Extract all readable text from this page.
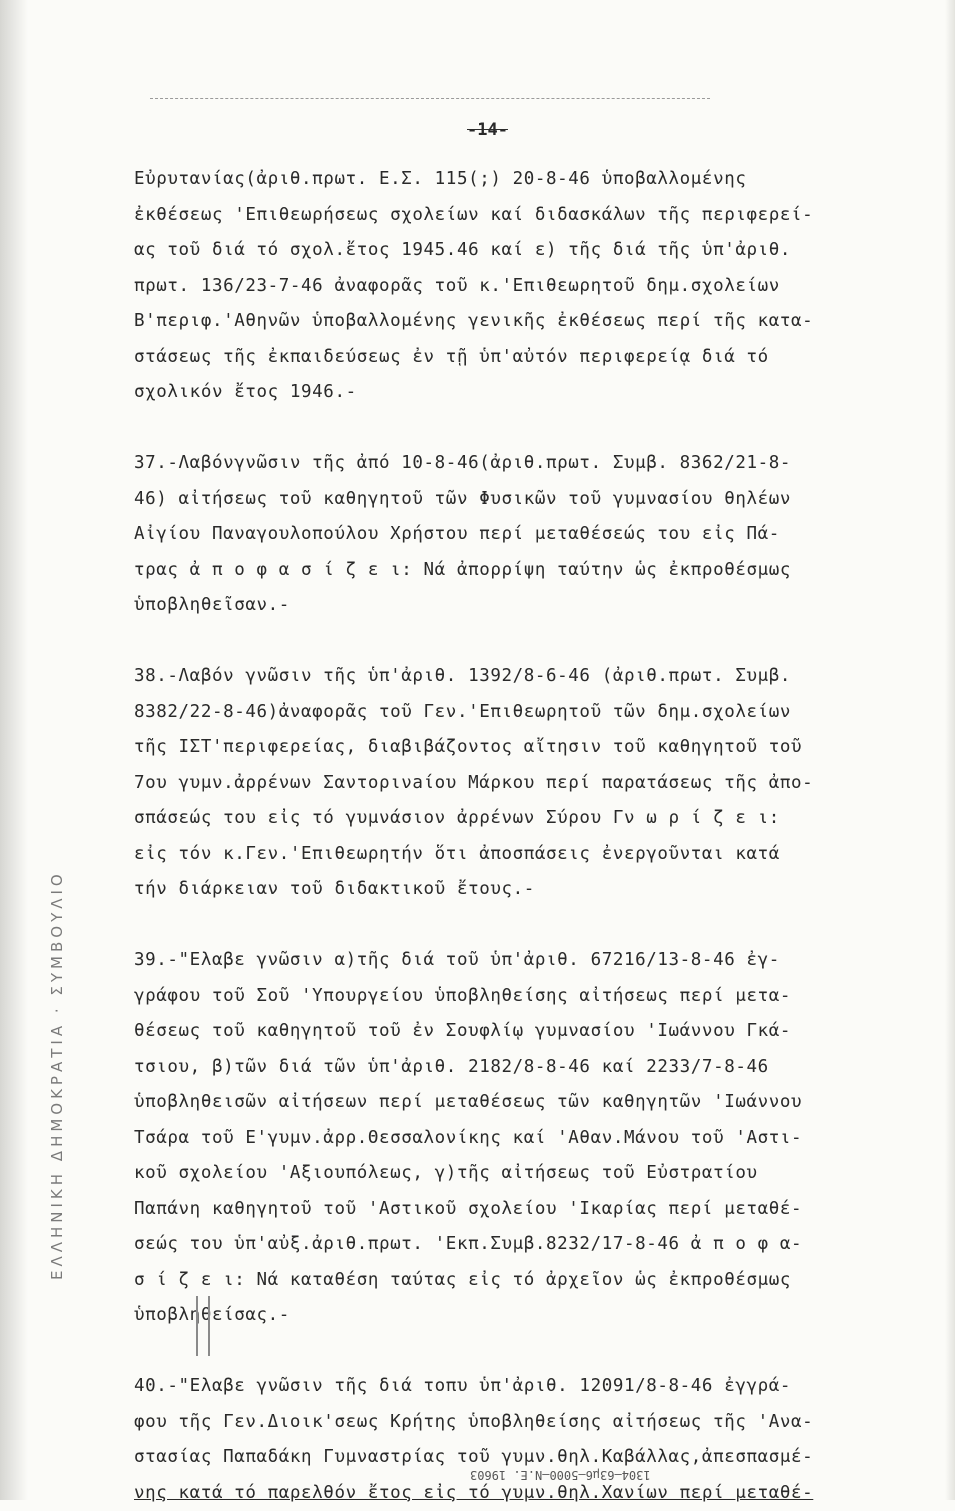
ΕΛΛΗΝΙΚΗ ΔΗΜΟΚΡΑΤΙΑ · ΣΥΜΒΟΥΛΙΟ
-14-
Εὐρυτανίας(ἀριθ.πρωτ. Ε.Σ. 115(;) 20-8-46 ὑποβαλλομένης
ἐκθέσεως 'Επιθεωρήσεως σχολείων καί διδασκάλων τῆς περιφερεί-
ας τοῦ διά τό σχολ.ἔτος 1945.46 καί ε) τῆς διά τῆς ὑπ'ἀριθ.
πρωτ. 136/23-7-46 ἀναφορᾶς τοῦ κ.'Επιθεωρητοῦ δημ.σχολείων
Β'περιφ.'Αθηνῶν ὑποβαλλομένης γενικῆς ἐκθέσεως περί τῆς κατα-
στάσεως τῆς ἐκπαιδεύσεως ἐν τῇ ὑπ'αὐτόν περιφερείᾳ διά τό
σχολικόν ἔτος 1946.-
37.-Λαβόνγνῶσιν τῆς ἀπό 10-8-46(ἀριθ.πρωτ. Συμβ. 8362/21-8-
46) αἰτήσεως τοῦ καθηγητοῦ τῶν Φυσικῶν τοῦ γυμνασίου θηλέων
Αἰγίου Παναγουλοπούλου Χρήστου περί μεταθέσεώς του εἰς Πά-
τρας ἀ π ο φ α σ ί ζ ε ι: Νά ἀπορρίψη ταύτην ὡς ἐκπροθέσμως
ὑποβληθεῖσαν.-
38.-Λαβόν γνῶσιν τῆς ὑπ'ἀριθ. 1392/8-6-46 (ἀριθ.πρωτ. Συμβ.
8382/22-8-46)ἀναφορᾶς τοῦ Γεν.'Επιθεωρητοῦ τῶν δημ.σχολείων
τῆς ΙΣΤ'περιφερείας, διαβιβάζοντος αἴτησιν τοῦ καθηγητοῦ τοῦ
7ου γυμν.ἀρρένων Σαντορινaίου Μάρκου περί παρατάσεως τῆς ἀπο-
σπάσεώς του εἰς τό γυμνάσιον ἀρρένων Σύρου Γν ω ρ ί ζ ε ι:
εἰς τόν κ.Γεν.'Επιθεωρητήν ὅτι ἀποσπάσεις ἐνεργοῦνται κατά
τήν διάρκειαν τοῦ διδακτικοῦ ἔτους.-
39.-"Ελαβε γνῶσιν α)τῆς διά τοῦ ὑπ'ἀριθ. 67216/13-8-46 ἐγ-
γράφου τοῦ Σοῦ 'Υπουργείου ὑποβληθείσης αἰτήσεως περί μετα-
θέσεως τοῦ καθηγητοῦ τοῦ ἐν Σουφλίῳ γυμνασίου 'Ιωάννου Γκά-
τσιου, β)τῶν διά τῶν ὑπ'ἀριθ. 2182/8-8-46 καί 2233/7-8-46
ὑποβληθεισῶν αἰτήσεων περί μεταθέσεως τῶν καθηγητῶν 'Ιωάννου
Τσάρα τοῦ Ε'γυμν.ἀρρ.Θεσσαλονίκης καί 'Αθαν.Μάνου τοῦ 'Αστι-
κοῦ σχολείου 'Αξιουπόλεως, γ)τῆς αἰτήσεως τοῦ Εὐστρατίου
Παπάνη καθηγητοῦ τοῦ 'Αστικοῦ σχολείου 'Ικαρίας περί μεταθέ-
σεώς του ὑπ'αὐξ.ἀριθ.πρωτ. 'Εκπ.Συμβ.8232/17-8-46 ἀ π ο φ α-
σ ί ζ ε ι: Νά καταθέση ταύτας εἰς τό ἀρχεῖον ὡς ἐκπροθέσμως
ὑποβληθείσας.-
40.-"Ελαβε γνῶσιν τῆς διά τοπυ ὑπ'ἀριθ. 12091/8-8-46 ἐγγρά-
φου τῆς Γεν.Διοικ'σεως Κρήτης ὑποβληθείσης αἰτήσεως τῆς 'Ανα-
στασίας Παπαδάκη Γυμναστρίας τοῦ γυμν.θηλ.Καβάλλας,ἀπεσπασμέ-
νης κατά τό παρελθόν ἔτος εἰς τό γυμν.θηλ.Χανίων περί μεταθέ-
1304—63μ6—5000—Ν.Ε. 19603
